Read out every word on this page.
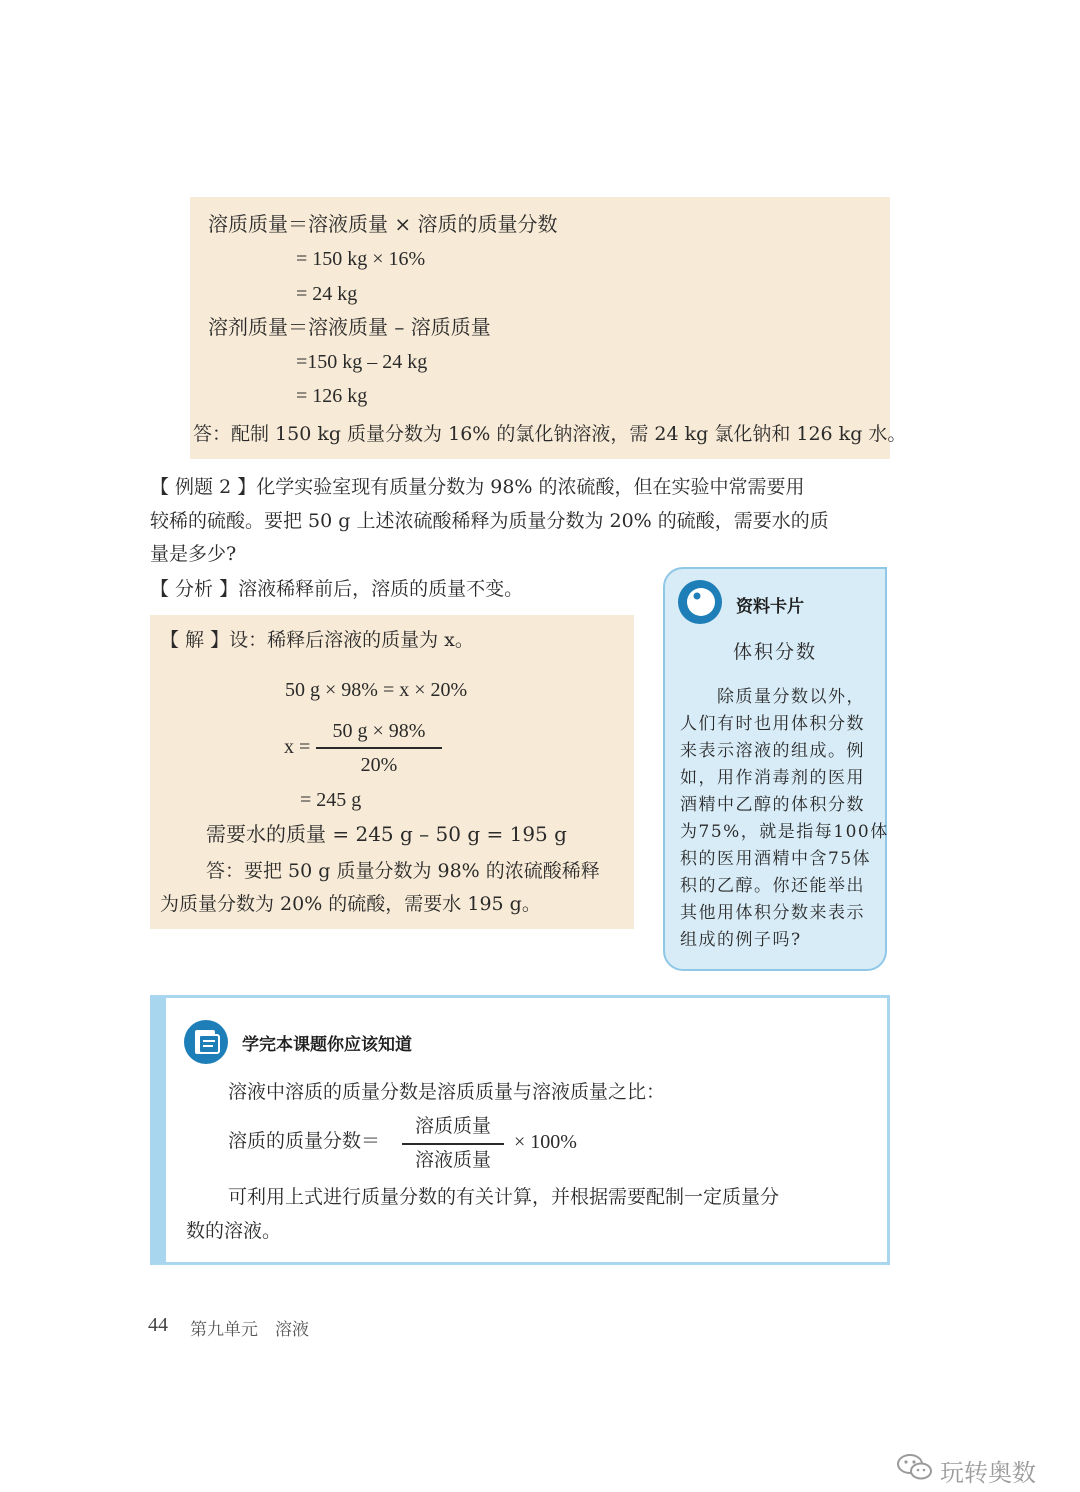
溶质质量＝溶液质量 × 溶质的质量分数
= 150 kg × 16%
= 24 kg
溶剂质量＝溶液质量 – 溶质质量
=150 kg – 24 kg
= 126 kg
答：配制 150 kg 质量分数为 16% 的氯化钠溶液，需 24 kg 氯化钠和 126 kg 水。
【 例题 2 】化学实验室现有质量分数为 98% 的浓硫酸，但在实验中常需要用
较稀的硫酸。要把 50 g 上述浓硫酸稀释为质量分数为 20% 的硫酸，需要水的质
量是多少?
【 分析 】溶液稀释前后，溶质的质量不变。
【 解 】设：稀释后溶液的质量为 x。
50 g × 98% = x × 20%
x =
50 g × 98%
20%
= 245 g
需要水的质量 = 245 g – 50 g = 195 g
答：要把 50 g 质量分数为 98% 的浓硫酸稀释
为质量分数为 20% 的硫酸，需要水 195 g。
资料卡片
体积分数
　　除质量分数以外，
人们有时也用体积分数
来表示溶液的组成。例
如，用作消毒剂的医用
酒精中乙醇的体积分数
为75%，就是指每100体
积的医用酒精中含75体
积的乙醇。你还能举出
其他用体积分数来表示
组成的例子吗?
学完本课题你应该知道
溶液中溶质的质量分数是溶质质量与溶液质量之比：
溶质的质量分数＝
溶质质量
溶液质量
× 100%
可利用上式进行质量分数的有关计算，并根据需要配制一定质量分
数的溶液。
44 第九单元　溶液
玩转奥数
